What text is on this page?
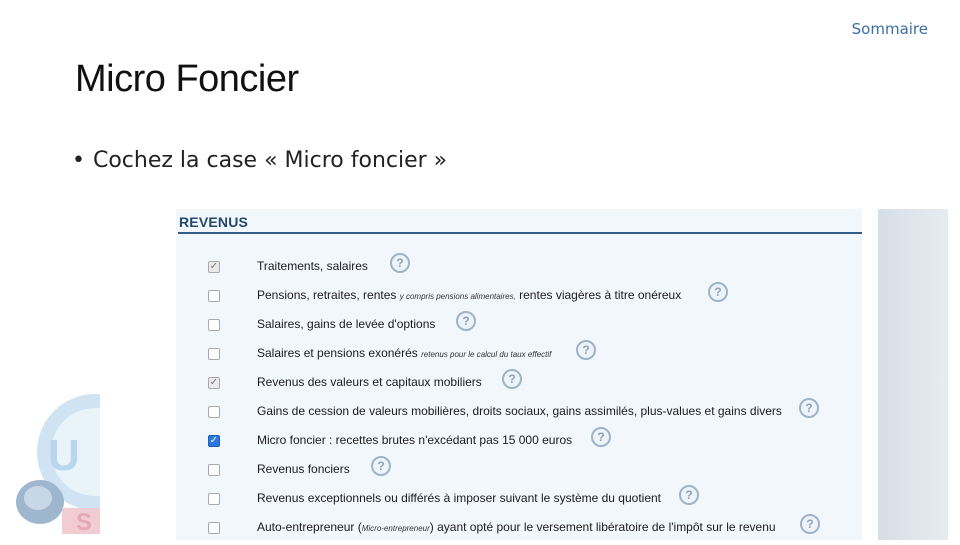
Sommaire
Micro Foncier
• Cochez la case « Micro foncier »
U
S
REVENUS
✓	Traitements, salaires	?
Pensions, retraites, rentes y compris pensions alimentaires, rentes viagères à titre onéreux	?
Salaires, gains de levée d'options	?
Salaires et pensions exonérés retenus pour le calcul du taux effectif	?
✓	Revenus des valeurs et capitaux mobiliers	?
Gains de cession de valeurs mobilières, droits sociaux, gains assimilés, plus-values et gains divers	?
✓	Micro foncier : recettes brutes n'excédant pas 15 000 euros	?
Revenus fonciers	?
Revenus exceptionnels ou différés à imposer suivant le système du quotient	?
Auto-entrepreneur (Micro-entrepreneur) ayant opté pour le versement libératoire de l'impôt sur le revenu	?
